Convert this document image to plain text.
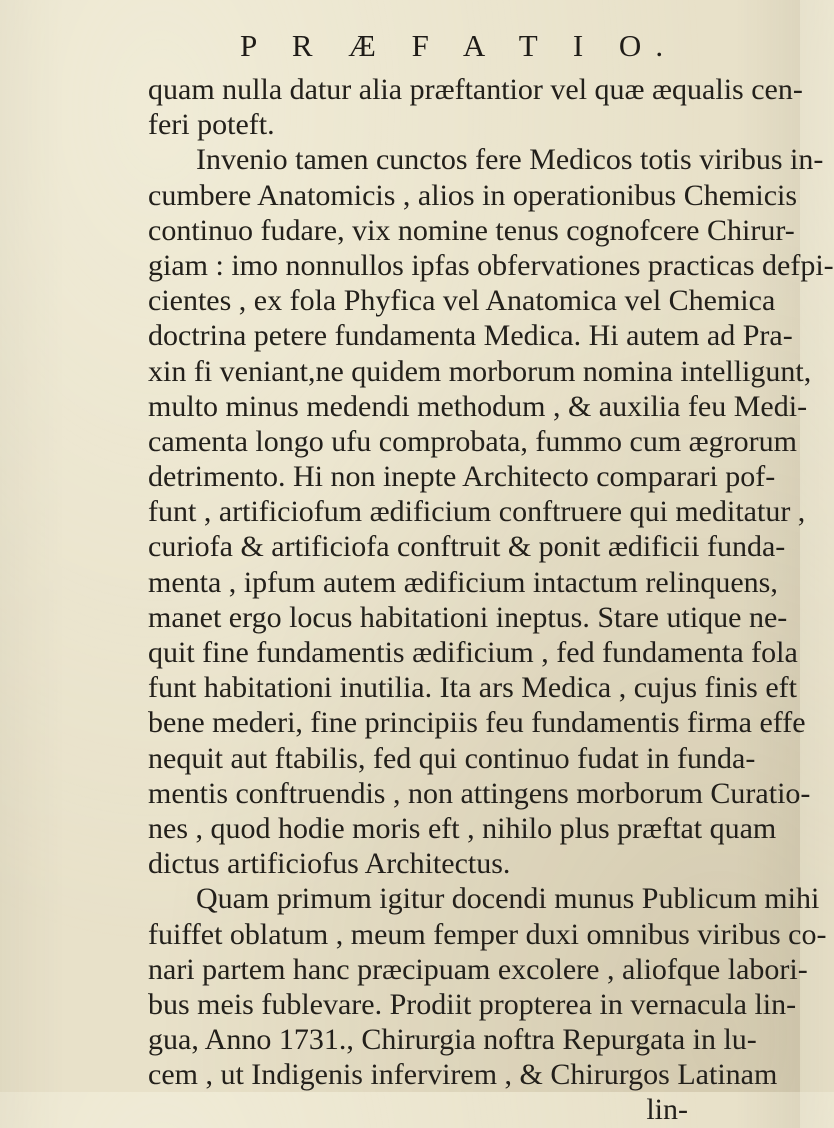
P R Æ F A T I O.
quam nulla datur alia præftantior vel quæ æqualis cen-
feri poteft.
Invenio tamen cunctos fere Medicos totis viribus in-
cumbere Anatomicis , alios in operationibus Chemicis
continuo fudare, vix nomine tenus cognofcere Chirur-
giam : imo nonnullos ipfas obfervationes practicas defpi-
cientes , ex fola Phyfica vel Anatomica vel Chemica
doctrina petere fundamenta Medica. Hi autem ad Pra-
xin fi veniant,ne quidem morborum nomina intelligunt,
multo minus medendi methodum , & auxilia feu Medi-
camenta longo ufu comprobata, fummo cum ægrorum
detrimento. Hi non inepte Architecto comparari pof-
funt , artificiofum ædificium conftruere qui meditatur ,
curiofa & artificiofa conftruit & ponit ædificii funda-
menta , ipfum autem ædificium intactum relinquens,
manet ergo locus habitationi ineptus. Stare utique ne-
quit fine fundamentis ædificium , fed fundamenta fola
funt habitationi inutilia. Ita ars Medica , cujus finis eft
bene mederi, fine principiis feu fundamentis firma effe
nequit aut ftabilis, fed qui continuo fudat in funda-
mentis conftruendis , non attingens morborum Curatio-
nes , quod hodie moris eft , nihilo plus præftat quam
dictus artificiofus Architectus.
Quam primum igitur docendi munus Publicum mihi
fuiffet oblatum , meum femper duxi omnibus viribus co-
nari partem hanc præcipuam excolere , aliofque labori-
bus meis fublevare. Prodiit propterea in vernacula lin-
gua, Anno 1731., Chirurgia noftra Repurgata in lu-
cem , ut Indigenis infervirem , & Chirurgos Latinam
lin-
